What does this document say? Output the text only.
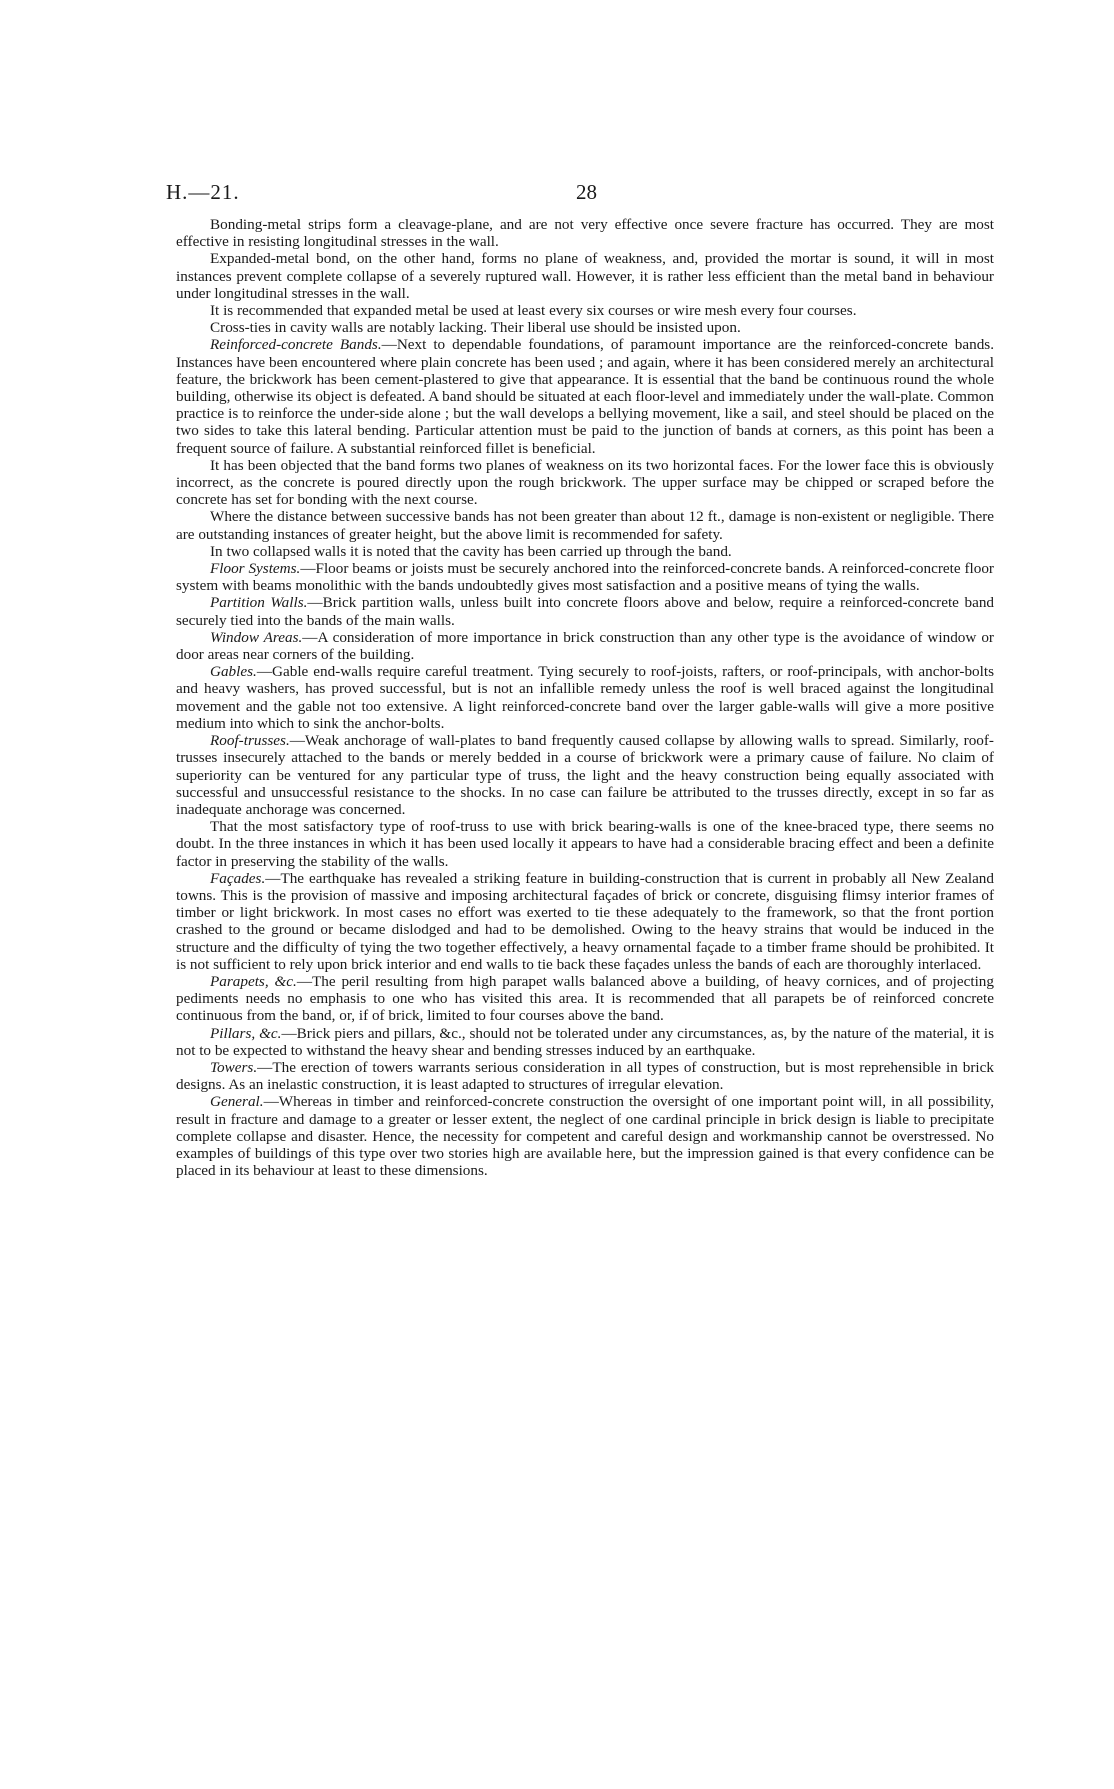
H.—21.	28

Bonding-metal strips form a cleavage-plane, and are not very effective once severe fracture has occurred. They are most effective in resisting longitudinal stresses in the wall.

Expanded-metal bond, on the other hand, forms no plane of weakness, and, provided the mortar is sound, it will in most instances prevent complete collapse of a severely ruptured wall. However, it is rather less efficient than the metal band in behaviour under longitudinal stresses in the wall.

It is recommended that expanded metal be used at least every six courses or wire mesh every four courses.

Cross-ties in cavity walls are notably lacking. Their liberal use should be insisted upon.

Reinforced-concrete Bands.—Next to dependable foundations, of paramount importance are the reinforced-concrete bands. Instances have been encountered where plain concrete has been used ; and again, where it has been considered merely an architectural feature, the brickwork has been cement-plastered to give that appearance. It is essential that the band be continuous round the whole building, otherwise its object is defeated. A band should be situated at each floor-level and immediately under the wall-plate. Common practice is to reinforce the under-side alone ; but the wall develops a bellying movement, like a sail, and steel should be placed on the two sides to take this lateral bending. Particular attention must be paid to the junction of bands at corners, as this point has been a frequent source of failure. A substantial reinforced fillet is beneficial.

It has been objected that the band forms two planes of weakness on its two horizontal faces. For the lower face this is obviously incorrect, as the concrete is poured directly upon the rough brickwork. The upper surface may be chipped or scraped before the concrete has set for bonding with the next course.

Where the distance between successive bands has not been greater than about 12 ft., damage is non-existent or negligible. There are outstanding instances of greater height, but the above limit is recommended for safety.

In two collapsed walls it is noted that the cavity has been carried up through the band.

Floor Systems.—Floor beams or joists must be securely anchored into the reinforced-concrete bands. A reinforced-concrete floor system with beams monolithic with the bands undoubtedly gives most satisfaction and a positive means of tying the walls.

Partition Walls.—Brick partition walls, unless built into concrete floors above and below, require a reinforced-concrete band securely tied into the bands of the main walls.

Window Areas.—A consideration of more importance in brick construction than any other type is the avoidance of window or door areas near corners of the building.

Gables.—Gable end-walls require careful treatment. Tying securely to roof-joists, rafters, or roof-principals, with anchor-bolts and heavy washers, has proved successful, but is not an infallible remedy unless the roof is well braced against the longitudinal movement and the gable not too extensive. A light reinforced-concrete band over the larger gable-walls will give a more positive medium into which to sink the anchor-bolts.

Roof-trusses.—Weak anchorage of wall-plates to band frequently caused collapse by allowing walls to spread. Similarly, roof-trusses insecurely attached to the bands or merely bedded in a course of brickwork were a primary cause of failure. No claim of superiority can be ventured for any particular type of truss, the light and the heavy construction being equally associated with successful and unsuccessful resistance to the shocks. In no case can failure be attributed to the trusses directly, except in so far as inadequate anchorage was concerned.

That the most satisfactory type of roof-truss to use with brick bearing-walls is one of the knee-braced type, there seems no doubt. In the three instances in which it has been used locally it appears to have had a considerable bracing effect and been a definite factor in preserving the stability of the walls.

Façades.—The earthquake has revealed a striking feature in building-construction that is current in probably all New Zealand towns. This is the provision of massive and imposing architectural façades of brick or concrete, disguising flimsy interior frames of timber or light brickwork. In most cases no effort was exerted to tie these adequately to the framework, so that the front portion crashed to the ground or became dislodged and had to be demolished. Owing to the heavy strains that would be induced in the structure and the difficulty of tying the two together effectively, a heavy ornamental façade to a timber frame should be prohibited. It is not sufficient to rely upon brick interior and end walls to tie back these façades unless the bands of each are thoroughly interlaced.

Parapets, &c.—The peril resulting from high parapet walls balanced above a building, of heavy cornices, and of projecting pediments needs no emphasis to one who has visited this area. It is recommended that all parapets be of reinforced concrete continuous from the band, or, if of brick, limited to four courses above the band.

Pillars, &c.—Brick piers and pillars, &c., should not be tolerated under any circumstances, as, by the nature of the material, it is not to be expected to withstand the heavy shear and bending stresses induced by an earthquake.

Towers.—The erection of towers warrants serious consideration in all types of construction, but is most reprehensible in brick designs. As an inelastic construction, it is least adapted to structures of irregular elevation.

General.—Whereas in timber and reinforced-concrete construction the oversight of one important point will, in all possibility, result in fracture and damage to a greater or lesser extent, the neglect of one cardinal principle in brick design is liable to precipitate complete collapse and disaster. Hence, the necessity for competent and careful design and workmanship cannot be overstressed. No examples of buildings of this type over two stories high are available here, but the impression gained is that every confidence can be placed in its behaviour at least to these dimensions.
